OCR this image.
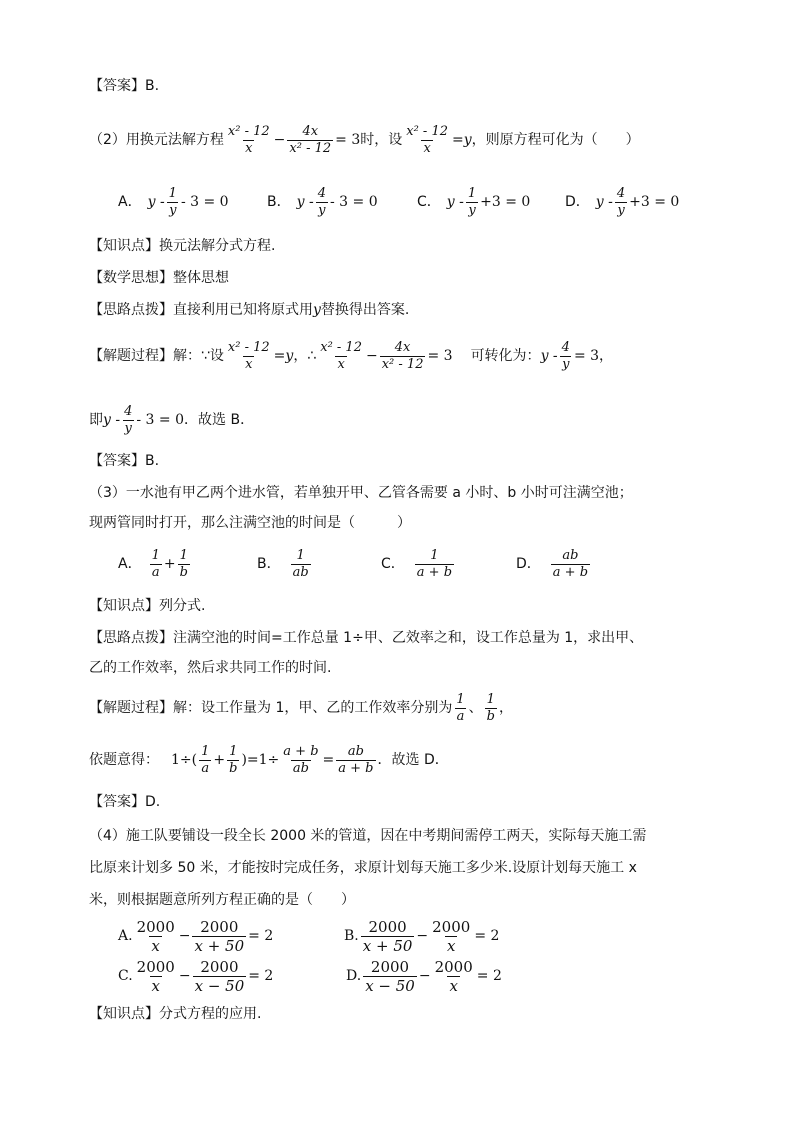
【答案】B.
（2）用换元法解方程 $\frac{\text{x² - 12}}{x} - \frac{4x}{\text{x² - 12}} = 3$ 时，设 $\frac{\text{x² - 12}}{x} =y$ ，则原方程可化为（　　）
A． $y - \frac{1}{y} - 3 = 0$	B． $y - \frac{4}{y} - 3 = 0$	C． $y - \frac{1}{y} +3 = 0$ D． $y - \frac{4}{y} +3 = 0$
【知识点】换元法解分式方程.
【数学思想】整体思想
【思路点拨】直接利用已知将原式用y替换得出答案.
【解题过程】解：∵设 $\frac{\text{x² - 12}}{x} =y$ ，∴ $\frac{\text{x² - 12}}{x} - \frac{4x}{\text{x² - 12}} = 3$ 可转化为： $y - \frac{4}{y} = 3$，
即 $y - \frac{4}{y} - 3 = 0$ ．故选 B．
【答案】B.
（3）一水池有甲乙两个进水管，若单独开甲、乙管各需要 a 小时、b 小时可注满空池；
现两管同时打开，那么注满空池的时间是（　　　）
A． $\frac{1}{a} + \frac{1}{b}$	B． $\frac{1}{ab}$	C． $\frac{1}{a + b}$	D． $\frac{ab}{a + b}$
【知识点】列分式.
【思路点拨】注满空池的时间=工作总量 1÷甲、乙效率之和，设工作总量为 1，求出甲、
乙的工作效率，然后求共同工作的时间.
【解题过程】解：设工作量为 1，甲、乙的工作效率分别为 $\frac{1}{a}$ 、 $\frac{1}{b}$ ，
依题意得： $1\div( \frac{1}{a} + \frac{1}{b} )=1\div \frac{a + b}{ab} = \frac{ab}{a + b}$ ．故选 D．
【答案】D.
（4）施工队要铺设一段全长 2000 米的管道，因在中考期间需停工两天，实际每天施工需
比原来计划多 50 米，才能按时完成任务，求原计划每天施工多少米.设原计划每天施工 x
米，则根据题意所列方程正确的是（　　）
A. $\frac{2000}{x} - \frac{2000}{x + 50} = 2$	B. $\frac{2000}{x + 50} - \frac{2000}{x} = 2$
C. $\frac{2000}{x} - \frac{2000}{x - 50} = 2$	D. $\frac{2000}{x - 50} - \frac{2000}{x} = 2$
【知识点】分式方程的应用.
